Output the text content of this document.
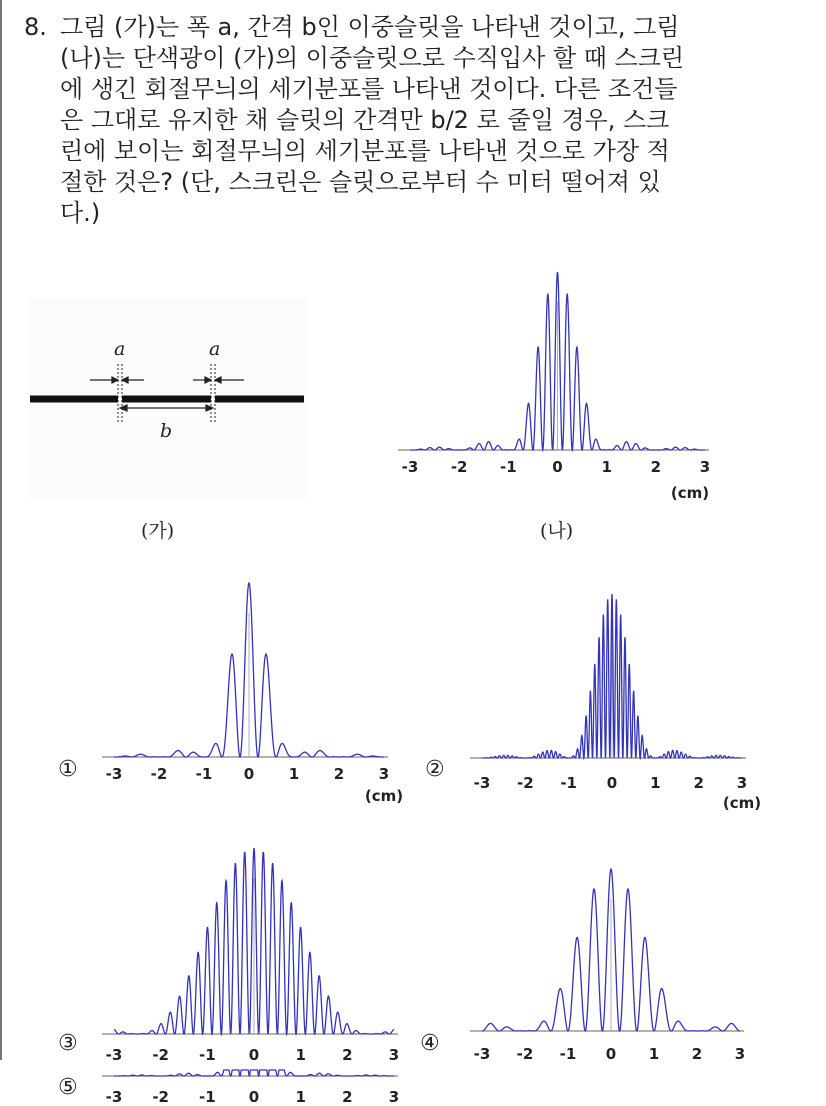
8. 그림 (가)는 폭 a, 간격 b인 이중슬릿을 나타낸 것이고, 그림
(나)는 단색광이 (가)의 이중슬릿으로 수직입사 할 때 스크린
에 생긴 회절무늬의 세기분포를 나타낸 것이다. 다른 조건들
은 그대로 유지한 채 슬릿의 간격만 b/2 로 줄일 경우, 스크
린에 보이는 회절무늬의 세기분포를 나타낸 것으로 가장 적
절한 것은? (단, 스크린은 슬릿으로부터 수 미터 떨어져 있
다.)
a	a
b
(가)
-3 -2 -1 0	1	2	3
(cm)
(나)
① -3 -2 -1 0 1 2 3
(cm)
②
-3 -2 -1 0 1 2 3
(cm)
③ -3 -2 -1 0 1 2 3 ④ -3 -2 -1 0 1 2 3
⑤ -3 -2 -1 0 1 2 3
